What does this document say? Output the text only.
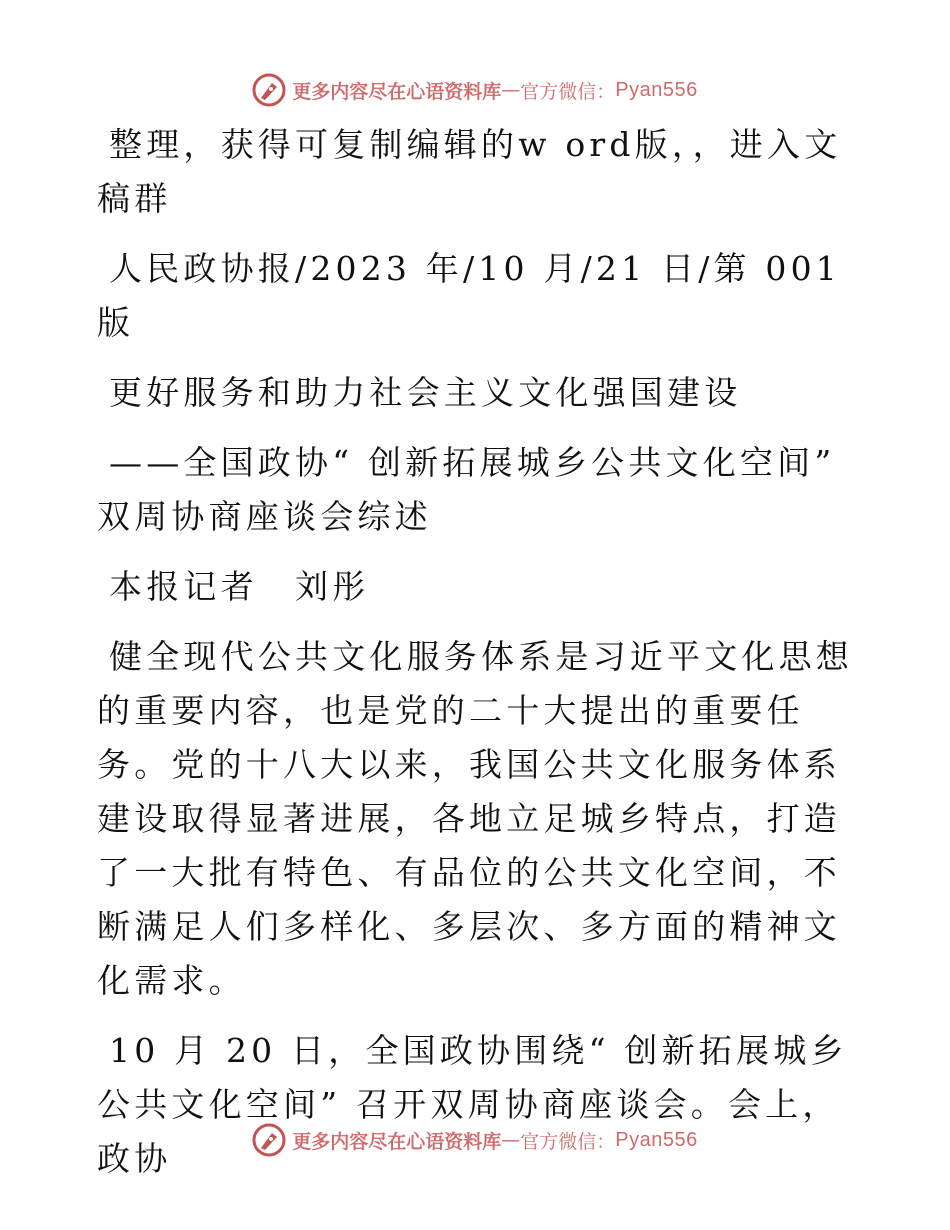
更多内容尽在心语资料库 — 官方微信： Pyan556

整理，获得可复制编辑的w ord版，，进入文稿群

人民政协报/2023 年/10 月/21 日/第 001 版

更好服务和助力社会主义文化强国建设

——全国政协“ 创新拓展城乡公共文化空间” 双周协商座谈会综述

本报记者　刘彤

健全现代公共文化服务体系是习近平文化思想的重要内容，也是党的二十大提出的重要任务。党的十八大以来，我国公共文化服务体系建设取得显著进展，各地立足城乡特点，打造了一大批有特色、有品位的公共文化空间，不断满足人们多样化、多层次、多方面的精神文化需求。

10 月 20 日，全国政协围绕“ 创新拓展城乡公共文化空间” 召开双周协商座谈会。会上，政协	更多内容尽在心语资料库 — 官方微信： Pyan556
